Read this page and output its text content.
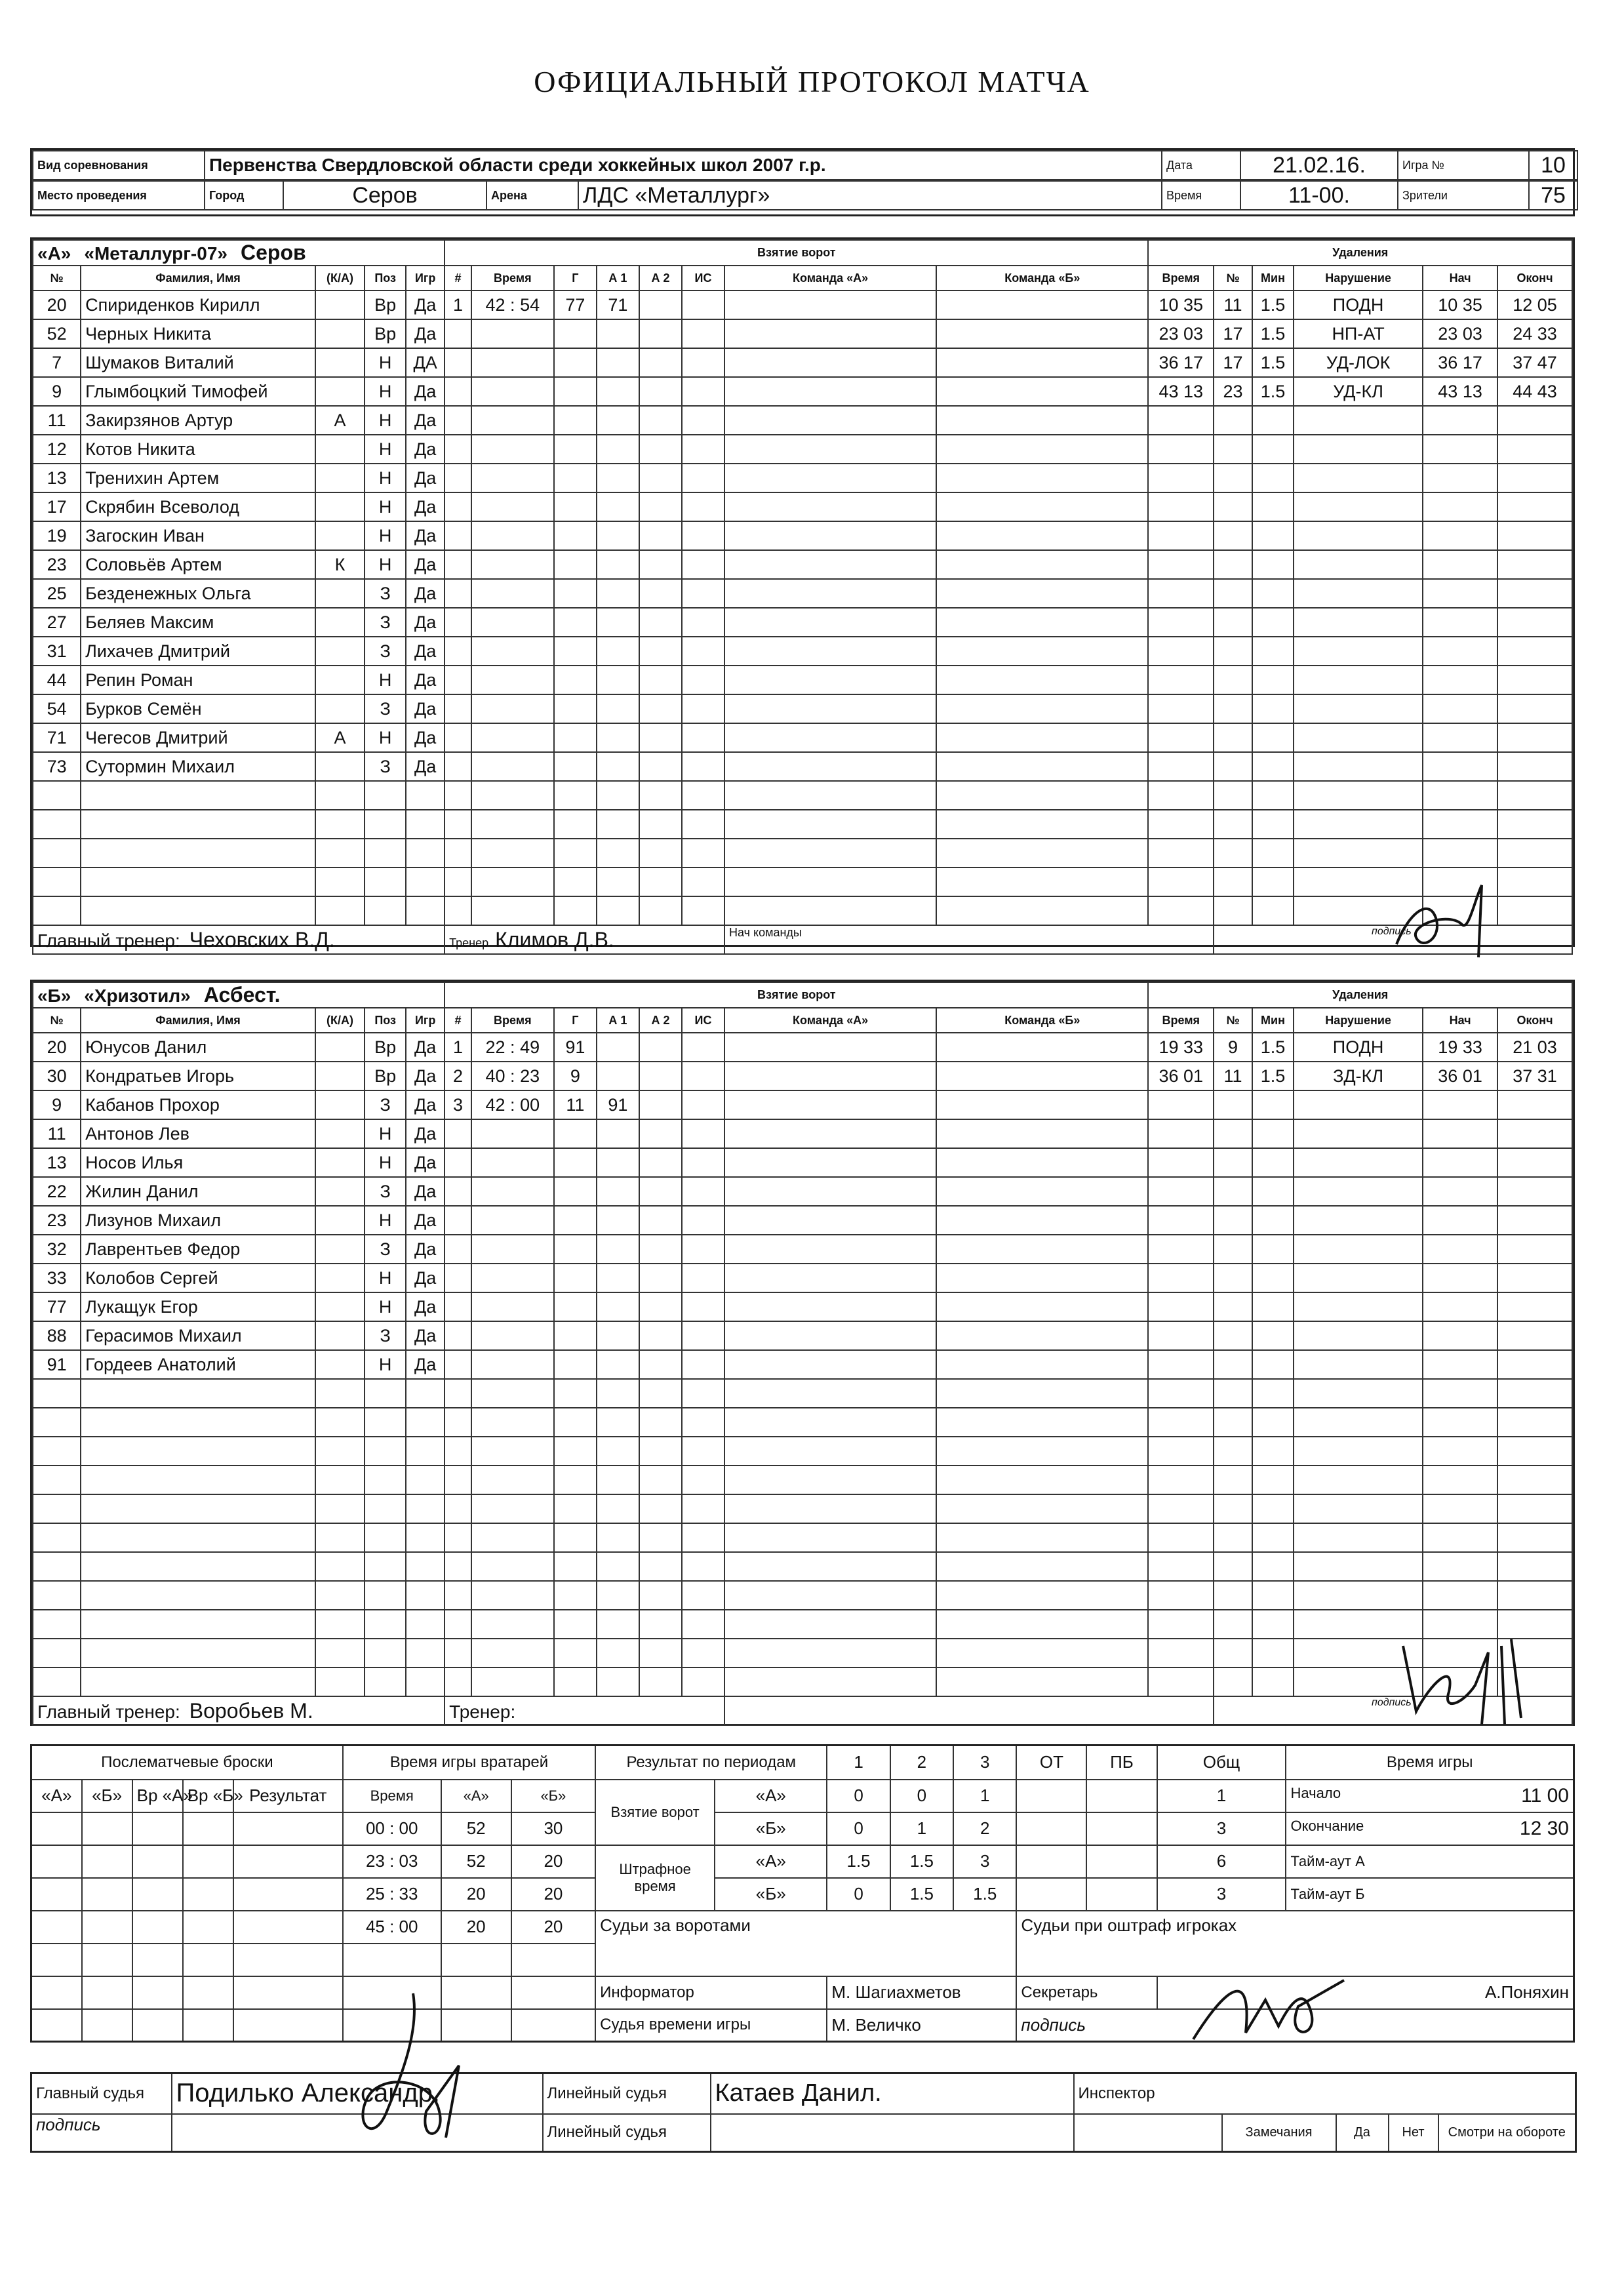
ОФИЦИАЛЬНЫЙ ПРОТОКОЛ МАТЧА
Вид соревнования	Первенства Свердловской области среди хоккейных школ 2007 г.р.	Дата	21.02.16.	Игра №	10
Место проведения	Город	Серов	Арена	ЛДС «Металлург»	Время	11-00.	Зрители	75
«А» «Металлург-07» Серов					Взятие ворот								Удаления					
№	Фамилия, Имя	(К/А)	Поз	Игр	#	Время	Г	А 1	А 2	ИС	Команда «А»	Команда «Б»	Время	№	Мин	Нарушение	Нач	Оконч
20	Спириденков Кирилл		Вр	Да	1	42 : 54	77	71					10 35	11	1.5	ПОДН	10 35	12 05
52	Черных Никита		Вр	Да									23 03	17	1.5	НП-АТ	23 03	24 33
7	Шумаков Виталий		Н	ДА									36 17	17	1.5	УД-ЛОК	36 17	37 47
9	Глымбоцкий Тимофей		Н	Да									43 13	23	1.5	УД-КЛ	43 13	44 43
11	Закирзянов Артур	А	Н	Да														
12	Котов Никита		Н	Да														
13	Тренихин Артем		Н	Да														
17	Скрябин Всеволод		Н	Да														
19	Загоскин Иван		Н	Да														
23	Соловьёв Артем	К	Н	Да														
25	Безденежных Ольга		З	Да														
27	Беляев Максим		З	Да														
31	Лихачев Дмитрий		З	Да														
44	Репин Роман		Н	Да														
54	Бурков Семён		З	Да														
71	Чегесов Дмитрий	А	Н	Да														
73	Сутормин Михаил		З	Да														

Главный тренер: Чеховских В.Д.					Тренер Климов Д.В.						Нач команды			подпись				
«Б» «Хризотил» Асбест.					Взятие ворот								Удаления					
№	Фамилия, Имя	(К/А)	Поз	Игр	#	Время	Г	А 1	А 2	ИС	Команда «А»	Команда «Б»	Время	№	Мин	Нарушение	Нач	Оконч
20	Юнусов Данил		Вр	Да	1	22 : 49	91						19 33	9	1.5	ПОДН	19 33	21 03
30	Кондратьев Игорь		Вр	Да	2	40 : 23	9						36 01	11	1.5	ЗД-КЛ	36 01	37 31
9	Кабанов Прохор		З	Да	3	42 : 00	11	91										
11	Антонов Лев		Н	Да														
13	Носов Илья		Н	Да														
22	Жилин Данил		З	Да														
23	Лизунов Михаил		Н	Да														
32	Лаврентьев Федор		З	Да														
33	Колобов Сергей		Н	Да														
77	Лукащук Егор		Н	Да														
88	Герасимов Михаил		З	Да														
91	Гордеев Анатолий		Н	Да														

Главный тренер: Воробьев М.					Тренер:									подпись				
Послематчевые броски					Время игры вратарей			Результат по периодам		1	2	3	ОТ	ПБ	Общ	Время игры
«А»	«Б»	Вр «А»	Вр «Б»	Результат	Время	«А»	«Б»	Взятие ворот	«А»	0	0	1			1	Начало 11 00

					00 : 00	52	30		«Б»	0	1	2			3	Окончание 12 30

					23 : 03	52	20	Штрафное время	«А»	1.5	1.5	3			6	Тайм-аут А
					25 : 33	20	20		«Б»	0	1.5	1.5			3	Тайм-аут Б
					45 : 00	20	20	Судьи за воротами					Судьи при оштраф игроках			

								Информатор		М. Шагиахметов			Секретарь		А.Поняхин	
								Судья времени игры		М. Величко			подпись			
Главный судья	Подилько Александр.	Линейный судья	Катаев Данил.	Инспектор				
подпись		Линейный судья			Замечания	Да	Нет	Смотри на обороте
